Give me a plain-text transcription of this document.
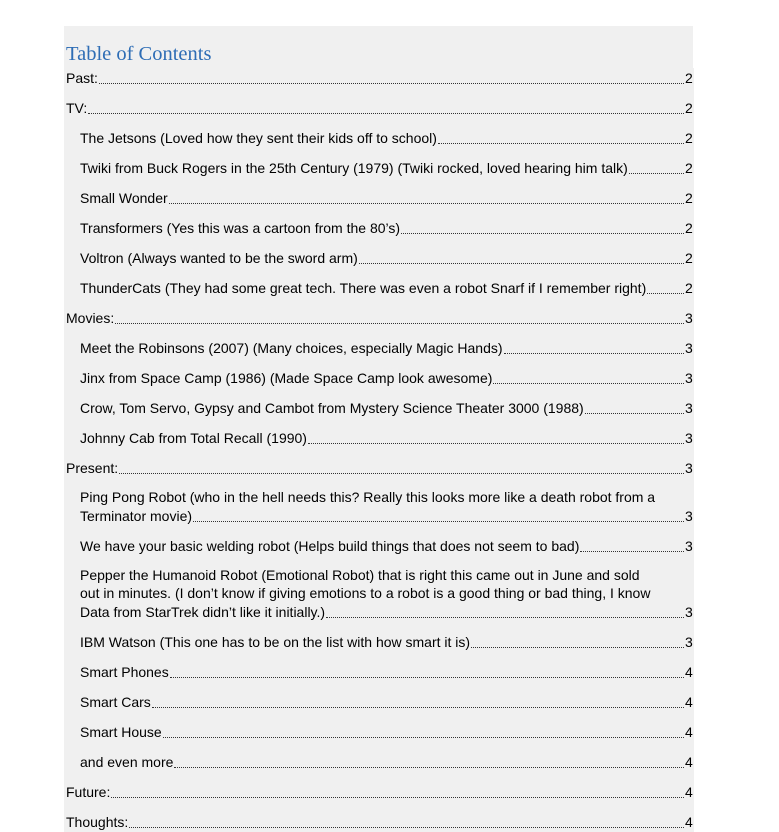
Table of Contents
Past:	2
TV:	2
The Jetsons (Loved how they sent their kids off to school)	2
Twiki from Buck Rogers in the 25th Century (1979) (Twiki rocked, loved hearing him talk)	2
Small Wonder	2
Transformers (Yes this was a cartoon from the 80’s)	2
Voltron (Always wanted to be the sword arm)	2
ThunderCats (They had some great tech. There was even a robot Snarf if I remember right)	2
Movies:	3
Meet the Robinsons (2007) (Many choices, especially Magic Hands)	3
Jinx from Space Camp (1986) (Made Space Camp look awesome)	3
Crow, Tom Servo, Gypsy and Cambot from Mystery Science Theater 3000 (1988)	3
Johnny Cab from Total Recall (1990)	3
Present:	3
Ping Pong Robot (who in the hell needs this? Really this looks more like a death robot from a
Terminator movie)	3
We have your basic welding robot (Helps build things that does not seem to bad)	3
Pepper the Humanoid Robot (Emotional Robot) that is right this came out in June and sold
out in minutes. (I don’t know if giving emotions to a robot is a good thing or bad thing, I know
Data from StarTrek didn’t like it initially.)	3
IBM Watson (This one has to be on the list with how smart it is)	3
Smart Phones	4
Smart Cars	4
Smart House	4
and even more	4
Future:	4
Thoughts:	4
